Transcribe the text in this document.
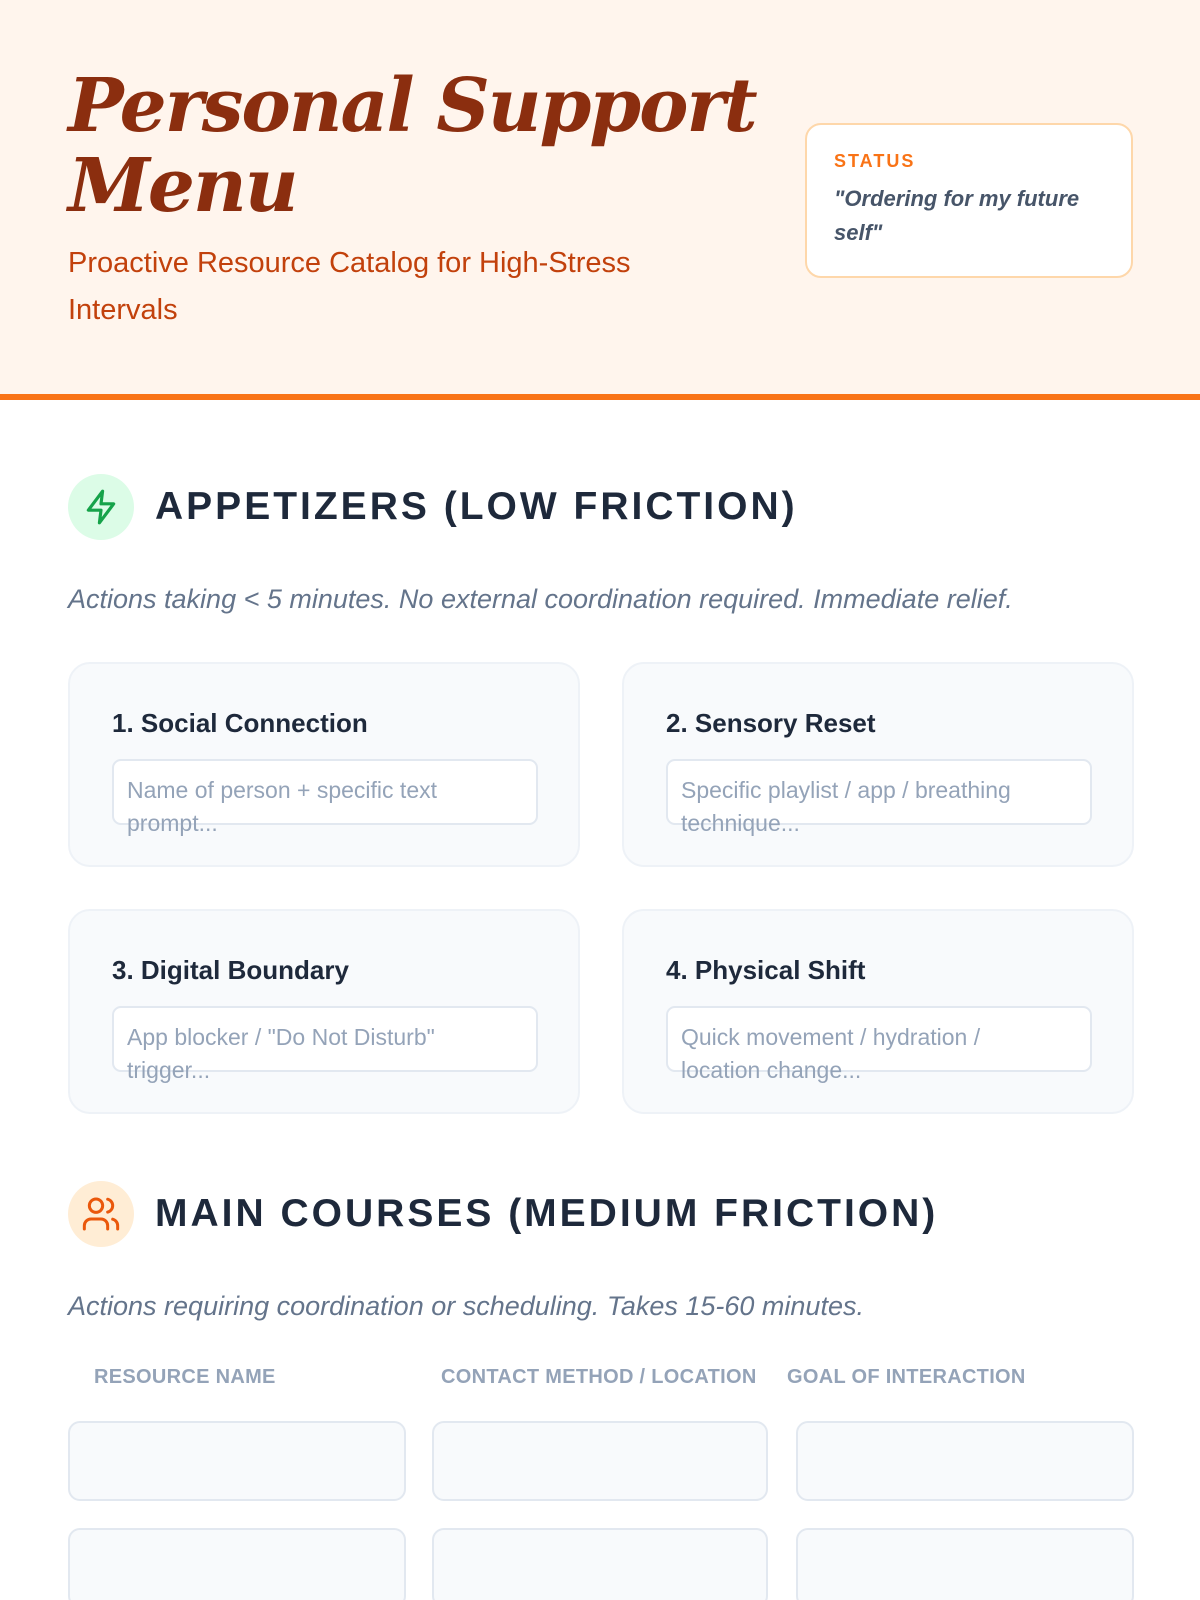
Personal Support Menu
Proactive Resource Catalog for High-Stress Intervals
STATUS
"Ordering for my future self"
APPETIZERS (LOW FRICTION)
Actions taking < 5 minutes. No external coordination required. Immediate relief.
1. Social Connection
Name of person + specific text prompt...
2. Sensory Reset
Specific playlist / app / breathing technique...
3. Digital Boundary
App blocker / "Do Not Disturb" trigger...
4. Physical Shift
Quick movement / hydration / location change...
MAIN COURSES (MEDIUM FRICTION)
Actions requiring coordination or scheduling. Takes 15-60 minutes.
RESOURCE NAME	CONTACT METHOD / LOCATION GOAL OF INTERACTION
